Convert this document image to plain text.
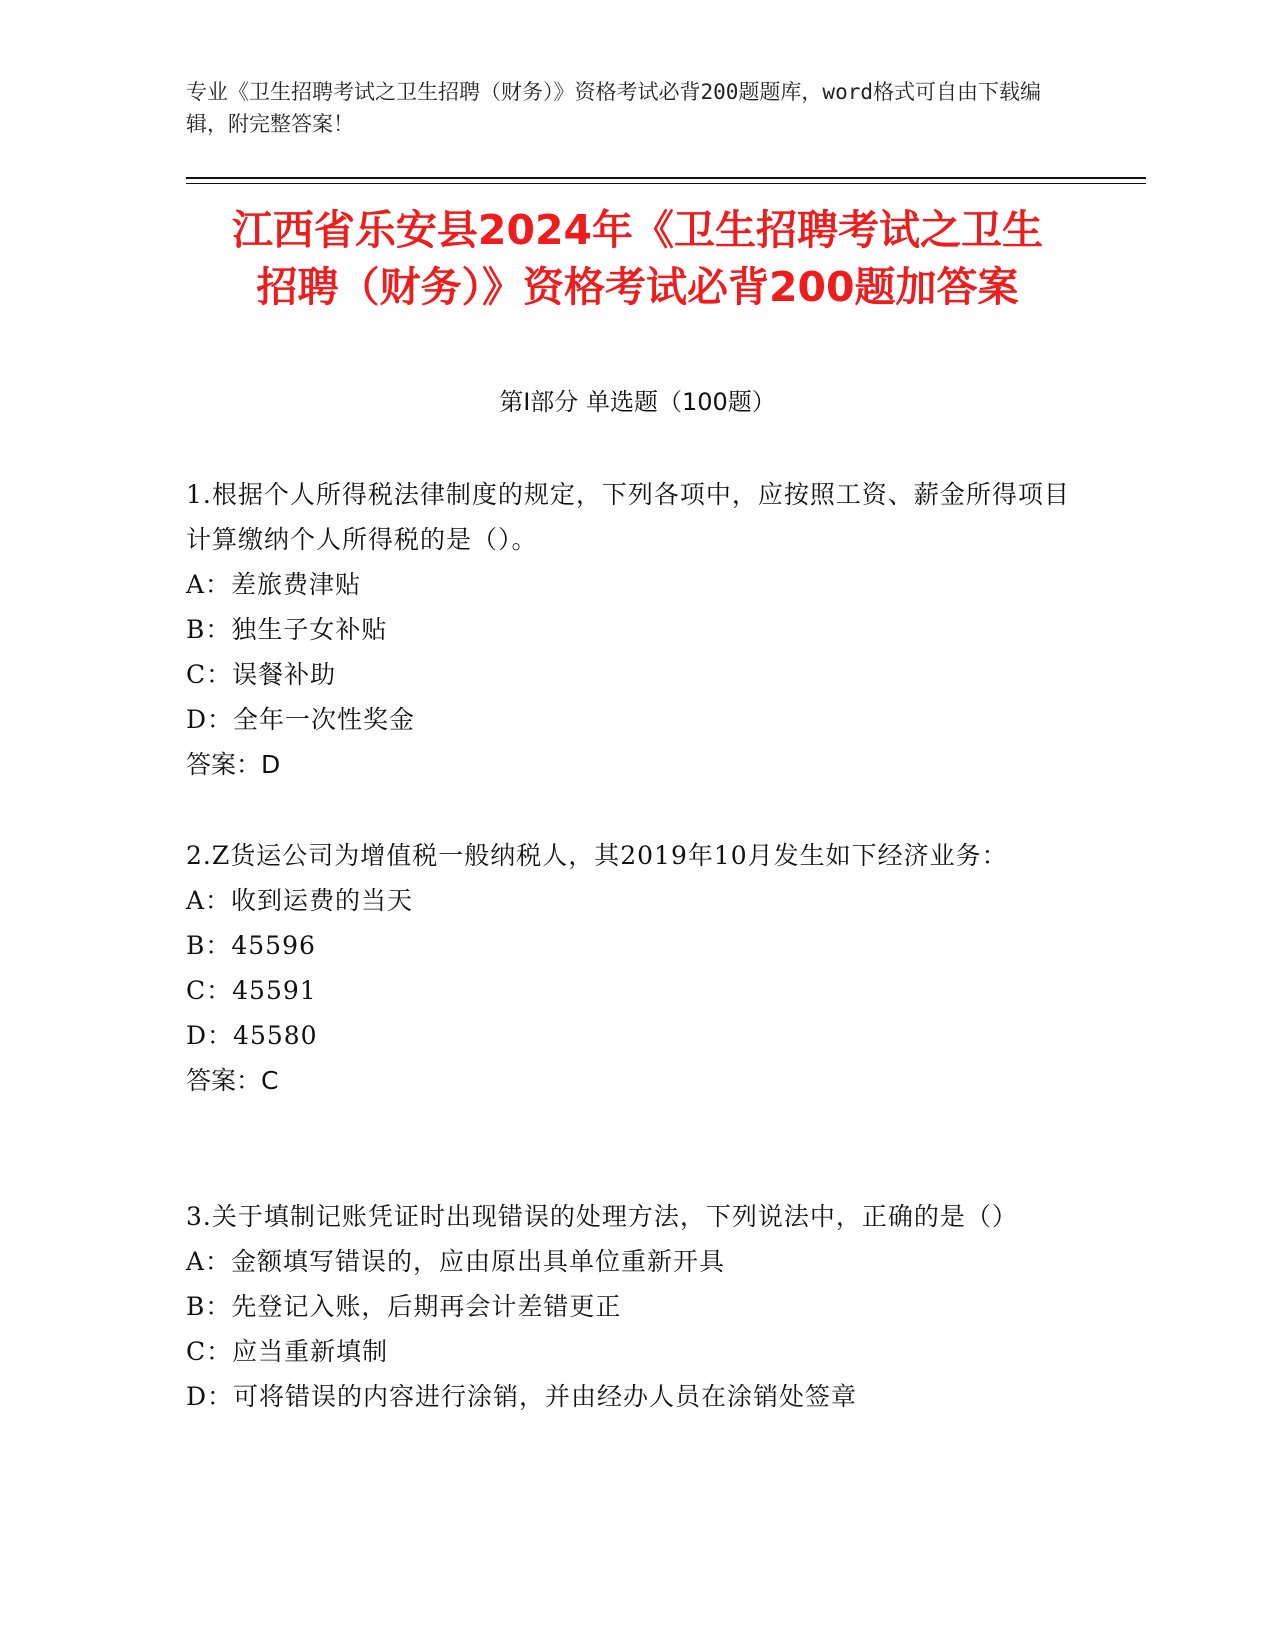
专业《卫生招聘考试之卫生招聘（财务）》资格考试必背200题题库，word格式可自由下载编辑，附完整答案！
江西省乐安县2024年《卫生招聘考试之卫生
招聘（财务）》资格考试必背200题加答案
第Ⅰ部分 单选题（100题）
1.根据个人所得税法律制度的规定，下列各项中，应按照工资、薪金所得项目计算缴纳个人所得税的是（）。
A：差旅费津贴
B：独生子女补贴
C：误餐补助
D：全年一次性奖金
答案：D
2.Z货运公司为增值税一般纳税人，其2019年10月发生如下经济业务：
A：收到运费的当天
B：45596
C：45591
D：45580
答案：C
3.关于填制记账凭证时出现错误的处理方法，下列说法中，正确的是（）
A：金额填写错误的，应由原出具单位重新开具
B：先登记入账，后期再会计差错更正
C：应当重新填制
D：可将错误的内容进行涂销，并由经办人员在涂销处签章
